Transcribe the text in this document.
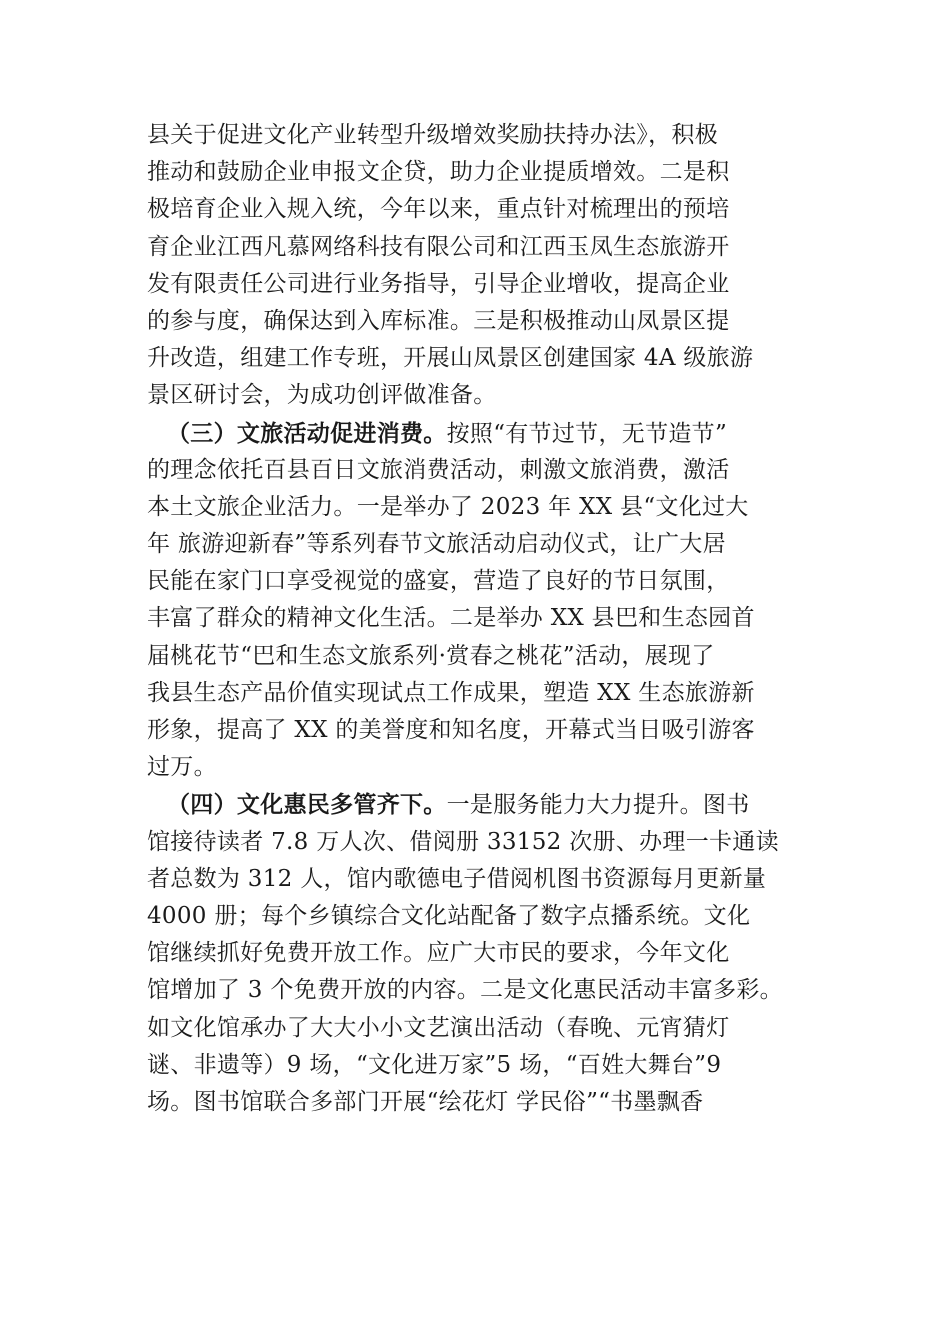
县关于促进文化产业转型升级增效奖励扶持办法》，积极
推动和鼓励企业申报文企贷，助力企业提质增效。二是积
极培育企业入规入统，今年以来，重点针对梳理出的预培
育企业江西凡慕网络科技有限公司和江西玉凤生态旅游开
发有限责任公司进行业务指导，引导企业增收，提高企业
的参与度，确保达到入库标准。三是积极推动山凤景区提
升改造，组建工作专班，开展山凤景区创建国家 4A 级旅游
景区研讨会，为成功创评做准备。
（三）文旅活动促进消费。按照“有节过节，无节造节”
的理念依托百县百日文旅消费活动，刺激文旅消费，激活
本土文旅企业活力。一是举办了 2023 年 XX 县“文化过大
年 旅游迎新春”等系列春节文旅活动启动仪式，让广大居
民能在家门口享受视觉的盛宴，营造了良好的节日氛围，
丰富了群众的精神文化生活。二是举办 XX 县巴和生态园首
届桃花节“巴和生态文旅系列·赏春之桃花”活动，展现了
我县生态产品价值实现试点工作成果，塑造 XX 生态旅游新
形象，提高了 XX 的美誉度和知名度，开幕式当日吸引游客
过万。
（四）文化惠民多管齐下。一是服务能力大力提升。图书
馆接待读者 7.8 万人次、借阅册 33152 次册、办理一卡通读
者总数为 312 人，馆内歌德电子借阅机图书资源每月更新量
4000 册；每个乡镇综合文化站配备了数字点播系统。文化
馆继续抓好免费开放工作。应广大市民的要求，今年文化
馆增加了 3 个免费开放的内容。二是文化惠民活动丰富多彩。
如文化馆承办了大大小小文艺演出活动（春晚、元宵猜灯
谜、非遗等）9 场，“文化进万家”5 场，“百姓大舞台”9
场。图书馆联合多部门开展“绘花灯 学民俗”“书墨飘香
